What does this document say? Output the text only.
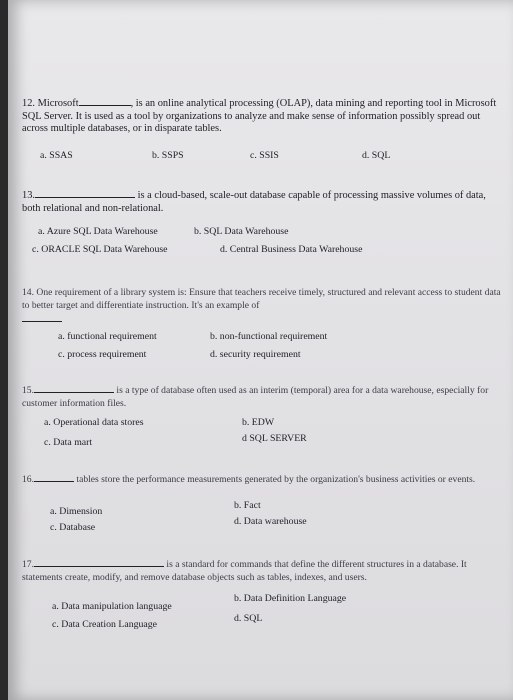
12. Microsoft	, is an online analytical processing (OLAP), data mining and reporting tool in Microsoft SQL Server. It is used as a tool by organizations to analyze and make sense of information possibly spread out across multiple databases, or in disparate tables.

a. SSAS	b. SSPS	c. SSIS	d. SQL

13.	is a cloud-based, scale-out database capable of processing massive volumes of data, both relational and non-relational.

a. Azure SQL Data Warehouse	b. SQL Data Warehouse
c. ORACLE SQL Data Warehouse	d. Central Business Data Warehouse

14. One requirement of a library system is: Ensure that teachers receive timely, structured and relevant access to student data to better target and differentiate instruction. It's an example of

a. functional requirement	b. non-functional requirement
c. process requirement	d. security requirement

15.	is a type of database often used as an interim (temporal) area for a data warehouse, especially for customer information files.

a. Operational data stores	b. EDW
c. Data mart	d SQL SERVER

16.	tables store the performance measurements generated by the organization's business activities or events.

a. Dimension
b. Fact
c. Database
d. Data warehouse

17.	is a standard for commands that define the different structures in a database. It statements create, modify, and remove database objects such as tables, indexes, and users.

a. Data manipulation language
b. Data Definition Language
c. Data Creation Language
d. SQL
